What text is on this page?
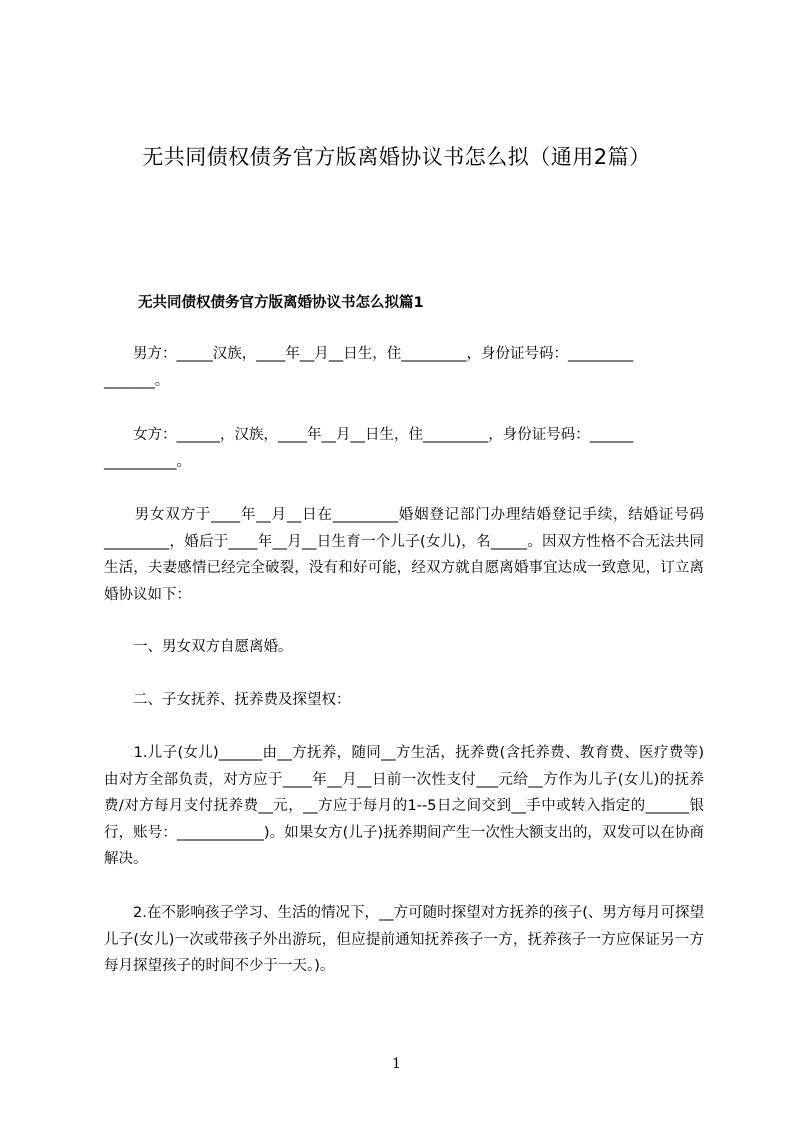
无共同债权债务官方版离婚协议书怎么拟（通用2篇）
无共同债权债务官方版离婚协议书怎么拟篇1

　　男方：_____汉族，____年__月__日生，住_________，身份证号码：_________

_______。

　　女方：______，汉族，____年__月__日生，住_________，身份证号码：______

__________。

　　男女双方于____年__月__日在_________婚姻登记部门办理结婚登记手续，结婚证号码_________，婚后于____年__月__日生育一个儿子(女儿)，名_____。因双方性格不合无法共同生活，夫妻感情已经完全破裂，没有和好可能，经双方就自愿离婚事宜达成一致意见，订立离婚协议如下：

　　一、男女双方自愿离婚。

　　二、子女抚养、抚养费及探望权：

　　1.儿子(女儿)______由__方抚养，随同__方生活，抚养费(含托养费、教育费、医疗费等)由对方全部负责，对方应于____年__月__日前一次性支付___元给__方作为儿子(女儿)的抚养费/对方每月支付抚养费__元，__方应于每月的1--5日之间交到__手中或转入指定的______银行，账号：____________)。如果女方(儿子)抚养期间产生一次性大额支出的，双发可以在协商解决。

　　2.在不影响孩子学习、生活的情况下，__方可随时探望对方抚养的孩子(、男方每月可探望儿子(女儿)一次或带孩子外出游玩，但应提前通知抚养孩子一方，抚养孩子一方应保证另一方每月探望孩子的时间不少于一天。)。

1
